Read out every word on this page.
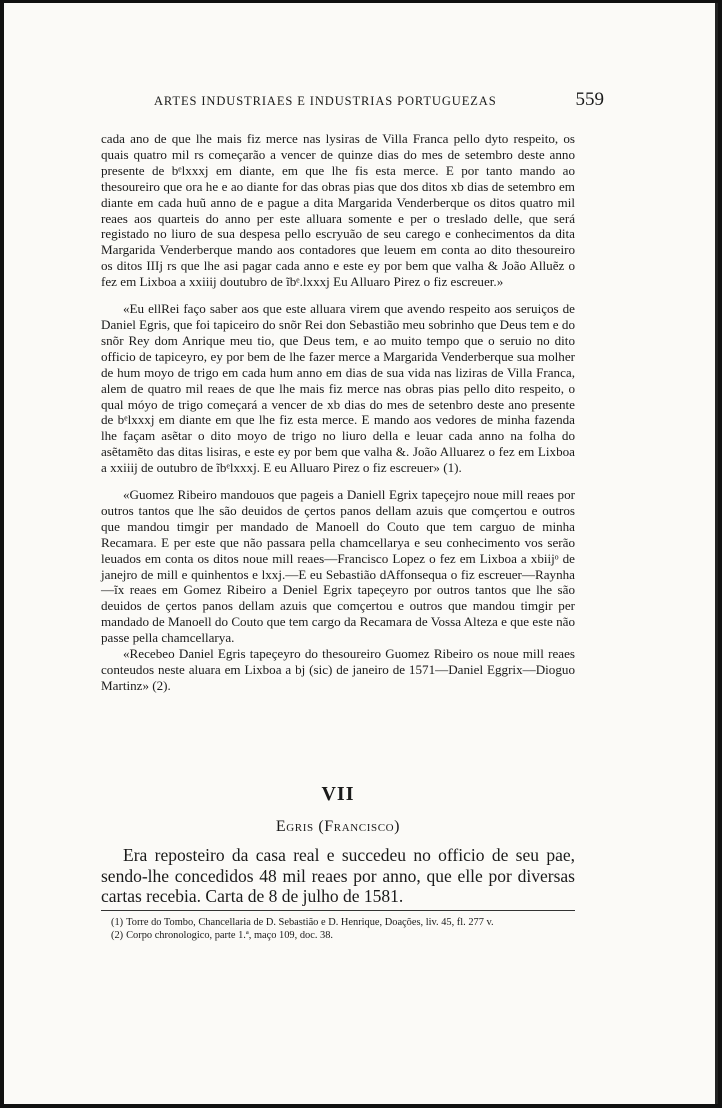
ARTES INDUSTRIAES E INDUSTRIAS PORTUGUEZAS	559

cada ano de que lhe mais fiz merce nas lysiras de Villa Franca pello dyto respeito, os quais quatro mil rs começarão a vencer de quinze dias do mes de setembro deste anno presente de bᵉlxxxj em diante, em que lhe fis esta merce. E por tanto mando ao thesoureiro que ora he e ao diante for das obras pias que dos ditos xb dias de setembro em diante em cada huũ anno de e pague a dita Margarida Venderberque os ditos quatro mil reaes aos quarteis do anno per este alluara somente e per o treslado delle, que será registado no liuro de sua despesa pello escryuão de seu carego e conhecimentos da dita Margarida Venderberque mando aos contadores que leuem em conta ao dito thesoureiro os ditos IIIj rs que lhe asi pagar cada anno e este ey por bem que valha & João Alluẽz o fez em Lixboa a xxiiij doutubro de ĩbᵉ.lxxxj Eu Alluaro Pirez o fiz escreuer.»

«Eu ellRei faço saber aos que este alluara virem que avendo respeito aos seruiços de Daniel Egris, que foi tapiceiro do snõr Rei don Sebastião meu sobrinho que Deus tem e do snõr Rey dom Anrique meu tio, que Deus tem, e ao muito tempo que o seruio no dito officio de tapiceyro, ey por bem de lhe fazer merce a Margarida Venderberque sua molher de hum moyo de trigo em cada hum anno em dias de sua vida nas liziras de Villa Franca, alem de quatro mil reaes de que lhe mais fiz merce nas obras pias pello dito respeito, o qual móyo de trigo começará a vencer de xb dias do mes de setenbro deste ano presente de bᵉlxxxj em diante em que lhe fiz esta merce. E mando aos vedores de minha fazenda lhe façam asẽtar o dito moyo de trigo no liuro della e leuar cada anno na folha do asẽtamẽto das ditas lisiras, e este ey por bem que valha &. João Alluarez o fez em Lixboa a xxiiij de outubro de ĩbᵉlxxxj. E eu Alluaro Pirez o fiz escreuer» (1).

«Guomez Ribeiro mandouos que pageis a Daniell Egrix tapeçejro noue mill reaes por outros tantos que lhe são deuidos de çertos panos dellam azuis que comçertou e outros que mandou timgir per mandado de Manoell do Couto que tem carguo de minha Recamara. E per este que não passara pella chamcellarya e seu conhecimento vos serão leuados em conta os ditos noue mill reaes—Francisco Lopez o fez em Lixboa a xbiijᵒ de janejro de mill e quinhentos e lxxj.—E eu Sebastião dAffonsequa o fiz escreuer—Raynha—ĩx reaes em Gomez Ribeiro a Deniel Egrix tapeçeyro por outros tantos que lhe são deuidos de çertos panos dellam azuis que comçertou e outros que mandou timgir per mandado de Manoell do Couto que tem cargo da Recamara de Vossa Alteza e que este não passe pella chamcellarya.

«Recebeo Daniel Egris tapeçeyro do thesoureiro Guomez Ribeiro os noue mill reaes conteudos neste aluara em Lixboa a bj (sic) de janeiro de 1571—Daniel Eggrix—Dioguo Martinz» (2).

VII

Egris (Francisco)

Era reposteiro da casa real e succedeu no officio de seu pae, sendo-lhe concedidos 48 mil reaes por anno, que elle por diversas cartas recebia. Carta de 8 de julho de 1581.

(1) Torre do Tombo, Chancellaria de D. Sebastião e D. Henrique, Doações, liv. 45, fl. 277 v.
(2) Corpo chronologico, parte 1.ª, maço 109, doc. 38.
